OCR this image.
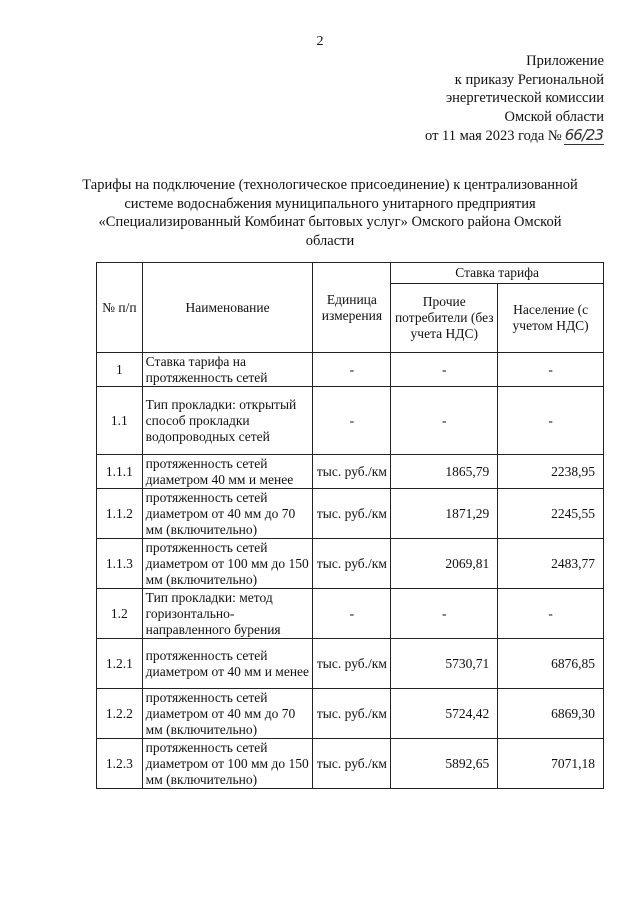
2
Приложение
к приказу Региональной
энергетической комиссии
Омской области
от 11 мая 2023 года № 66/23
Тарифы на подключение (технологическое присоединение) к централизованной системе водоснабжения муниципального унитарного предприятия «Специализированный Комбинат бытовых услуг» Омского района Омской области
№ п/п	Наименование	Единица измерения	Ставка тарифа	
			Прочие потребители (без учета НДС)	Население (с учетом НДС)
1	Ставка тарифа на протяженность сетей	-	-	-
1.1	Тип прокладки: открытый способ прокладки водопроводных сетей	-	-	-
1.1.1	протяженность сетей диаметром 40 мм и менее	тыс. руб./км	1865,79	2238,95
1.1.2	протяженность сетей диаметром от 40 мм до 70 мм (включительно)	тыс. руб./км	1871,29	2245,55
1.1.3	протяженность сетей диаметром от 100 мм до 150 мм (включительно)	тыс. руб./км	2069,81	2483,77
1.2	Тип прокладки: метод горизонтально-направленного бурения	-	-	-
1.2.1	протяженность сетей диаметром от 40 мм и менее	тыс. руб./км	5730,71	6876,85
1.2.2	протяженность сетей диаметром от 40 мм до 70 мм (включительно)	тыс. руб./км	5724,42	6869,30
1.2.3	протяженность сетей диаметром от 100 мм до 150 мм (включительно)	тыс. руб./км	5892,65	7071,18
